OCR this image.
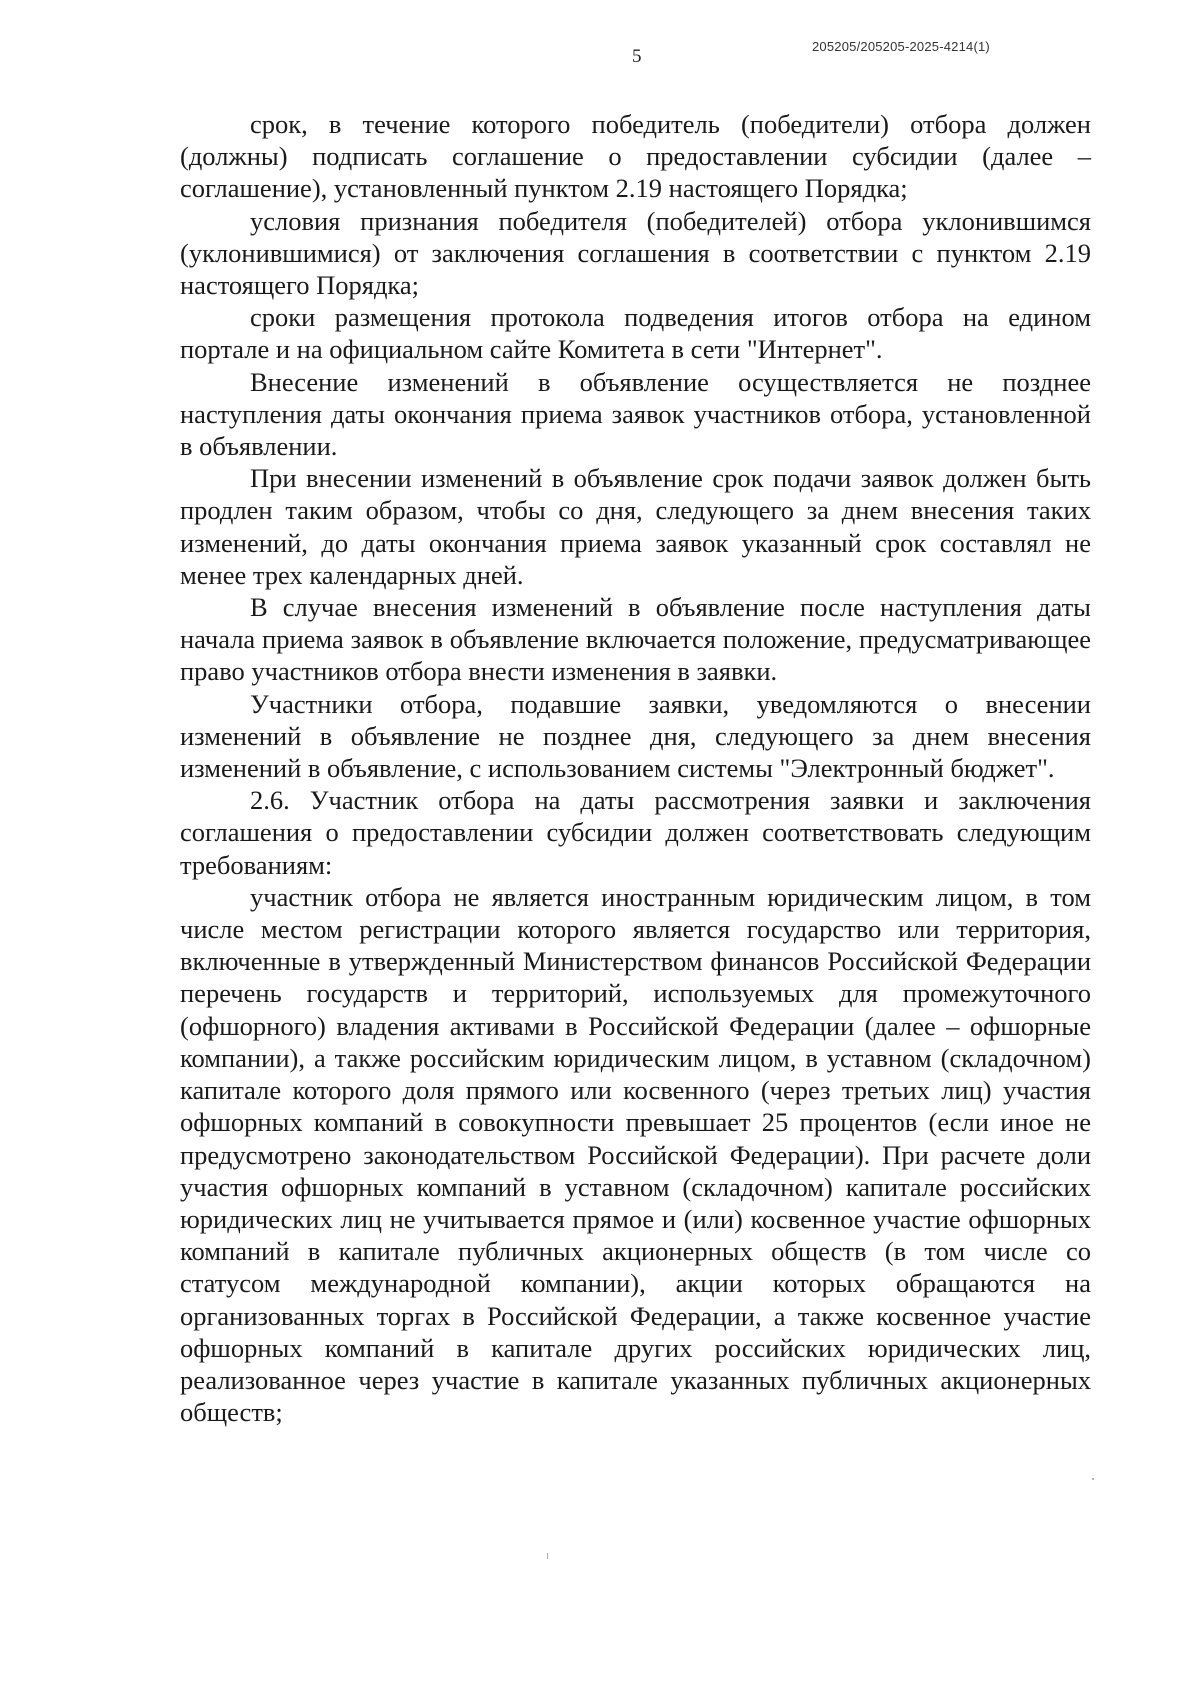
205205/205205-2025-4214(1)
5

срок, в течение которого победитель (победители) отбора должен (должны) подписать соглашение о предоставлении субсидии (далее – соглашение), установленный пунктом 2.19 настоящего Порядка;

условия признания победителя (победителей) отбора уклонившимся (уклонившимися) от заключения соглашения в соответствии с пунктом 2.19 настоящего Порядка;

сроки размещения протокола подведения итогов отбора на едином портале и на официальном сайте Комитета в сети "Интернет".

Внесение изменений в объявление осуществляется не позднее наступления даты окончания приема заявок участников отбора, установленной в объявлении.

При внесении изменений в объявление срок подачи заявок должен быть продлен таким образом, чтобы со дня, следующего за днем внесения таких изменений, до даты окончания приема заявок указанный срок составлял не менее трех календарных дней.

В случае внесения изменений в объявление после наступления даты начала приема заявок в объявление включается положение, предусматривающее право участников отбора внести изменения в заявки.

Участники отбора, подавшие заявки, уведомляются о внесении изменений в объявление не позднее дня, следующего за днем внесения изменений в объявление, с использованием системы "Электронный бюджет".

2.6. Участник отбора на даты рассмотрения заявки и заключения соглашения о предоставлении субсидии должен соответствовать следующим требованиям:

участник отбора не является иностранным юридическим лицом, в том числе местом регистрации которого является государство или территория, включенные в утвержденный Министерством финансов Российской Федерации перечень государств и территорий, используемых для промежуточного (офшорного) владения активами в Российской Федерации (далее – офшорные компании), а также российским юридическим лицом, в уставном (складочном) капитале которого доля прямого или косвенного (через третьих лиц) участия офшорных компаний в совокупности превышает 25 процентов (если иное не предусмотрено законодательством Российской Федерации). При расчете доли участия офшорных компаний в уставном (складочном) капитале российских юридических лиц не учитывается прямое и (или) косвенное участие офшорных компаний в капитале публичных акционерных обществ (в том числе со статусом международной компании), акции которых обращаются на организованных торгах в Российской Федерации, а также косвенное участие офшорных компаний в капитале других российских юридических лиц, реализованное через участие в капитале указанных публичных акционерных обществ;
